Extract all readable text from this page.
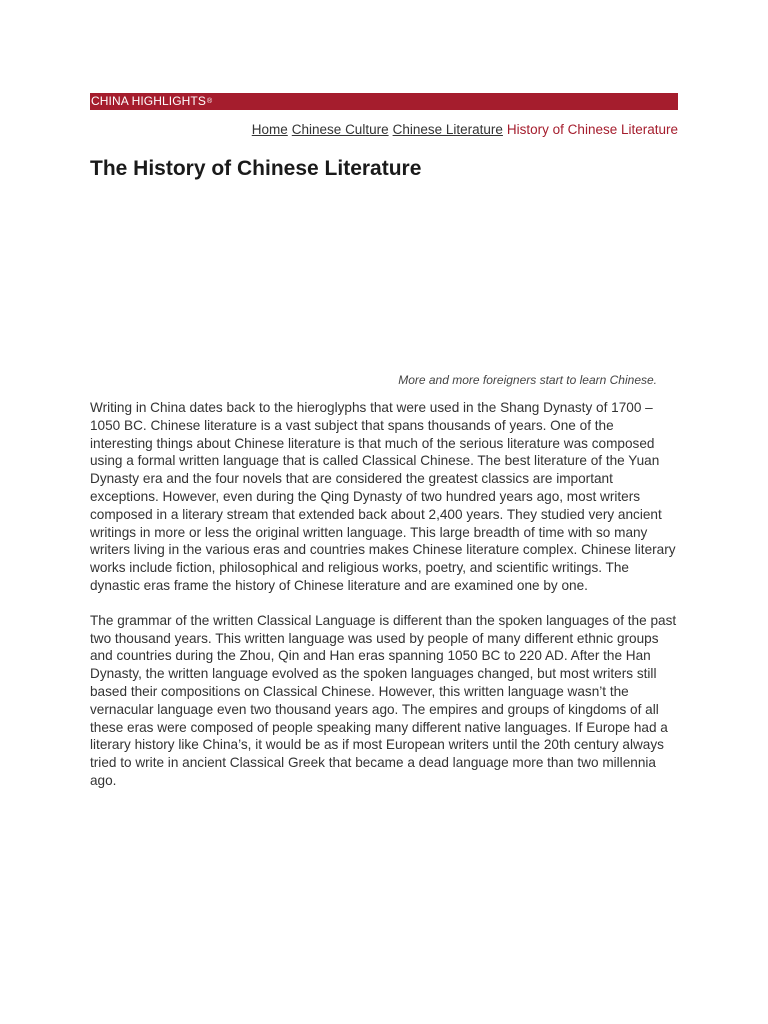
CHINA HIGHLIGHTS ®
Home Chinese Culture Chinese Literature History of Chinese Literature
The History of Chinese Literature
More and more foreigners start to learn Chinese.

Writing in China dates back to the hieroglyphs that were used in the Shang Dynasty of 1700 – 1050 BC. Chinese literature is a vast subject that spans thousands of years. One of the interesting things about Chinese literature is that much of the serious literature was composed using a formal written language that is called Classical Chinese. The best literature of the Yuan Dynasty era and the four novels that are considered the greatest classics are important exceptions. However, even during the Qing Dynasty of two hundred years ago, most writers composed in a literary stream that extended back about 2,400 years. They studied very ancient writings in more or less the original written language. This large breadth of time with so many writers living in the various eras and countries makes Chinese literature complex. Chinese literary works include fiction, philosophical and religious works, poetry, and scientific writings. The dynastic eras frame the history of Chinese literature and are examined one by one.

The grammar of the written Classical Language is different than the spoken languages of the past two thousand years. This written language was used by people of many different ethnic groups and countries during the Zhou, Qin and Han eras spanning 1050 BC to 220 AD. After the Han Dynasty, the written language evolved as the spoken languages changed, but most writers still based their compositions on Classical Chinese. However, this written language wasn’t the vernacular language even two thousand years ago. The empires and groups of kingdoms of all these eras were composed of people speaking many different native languages. If Europe had a literary history like China’s, it would be as if most European writers until the 20th century always tried to write in ancient Classical Greek that became a dead language more than two millennia ago.
